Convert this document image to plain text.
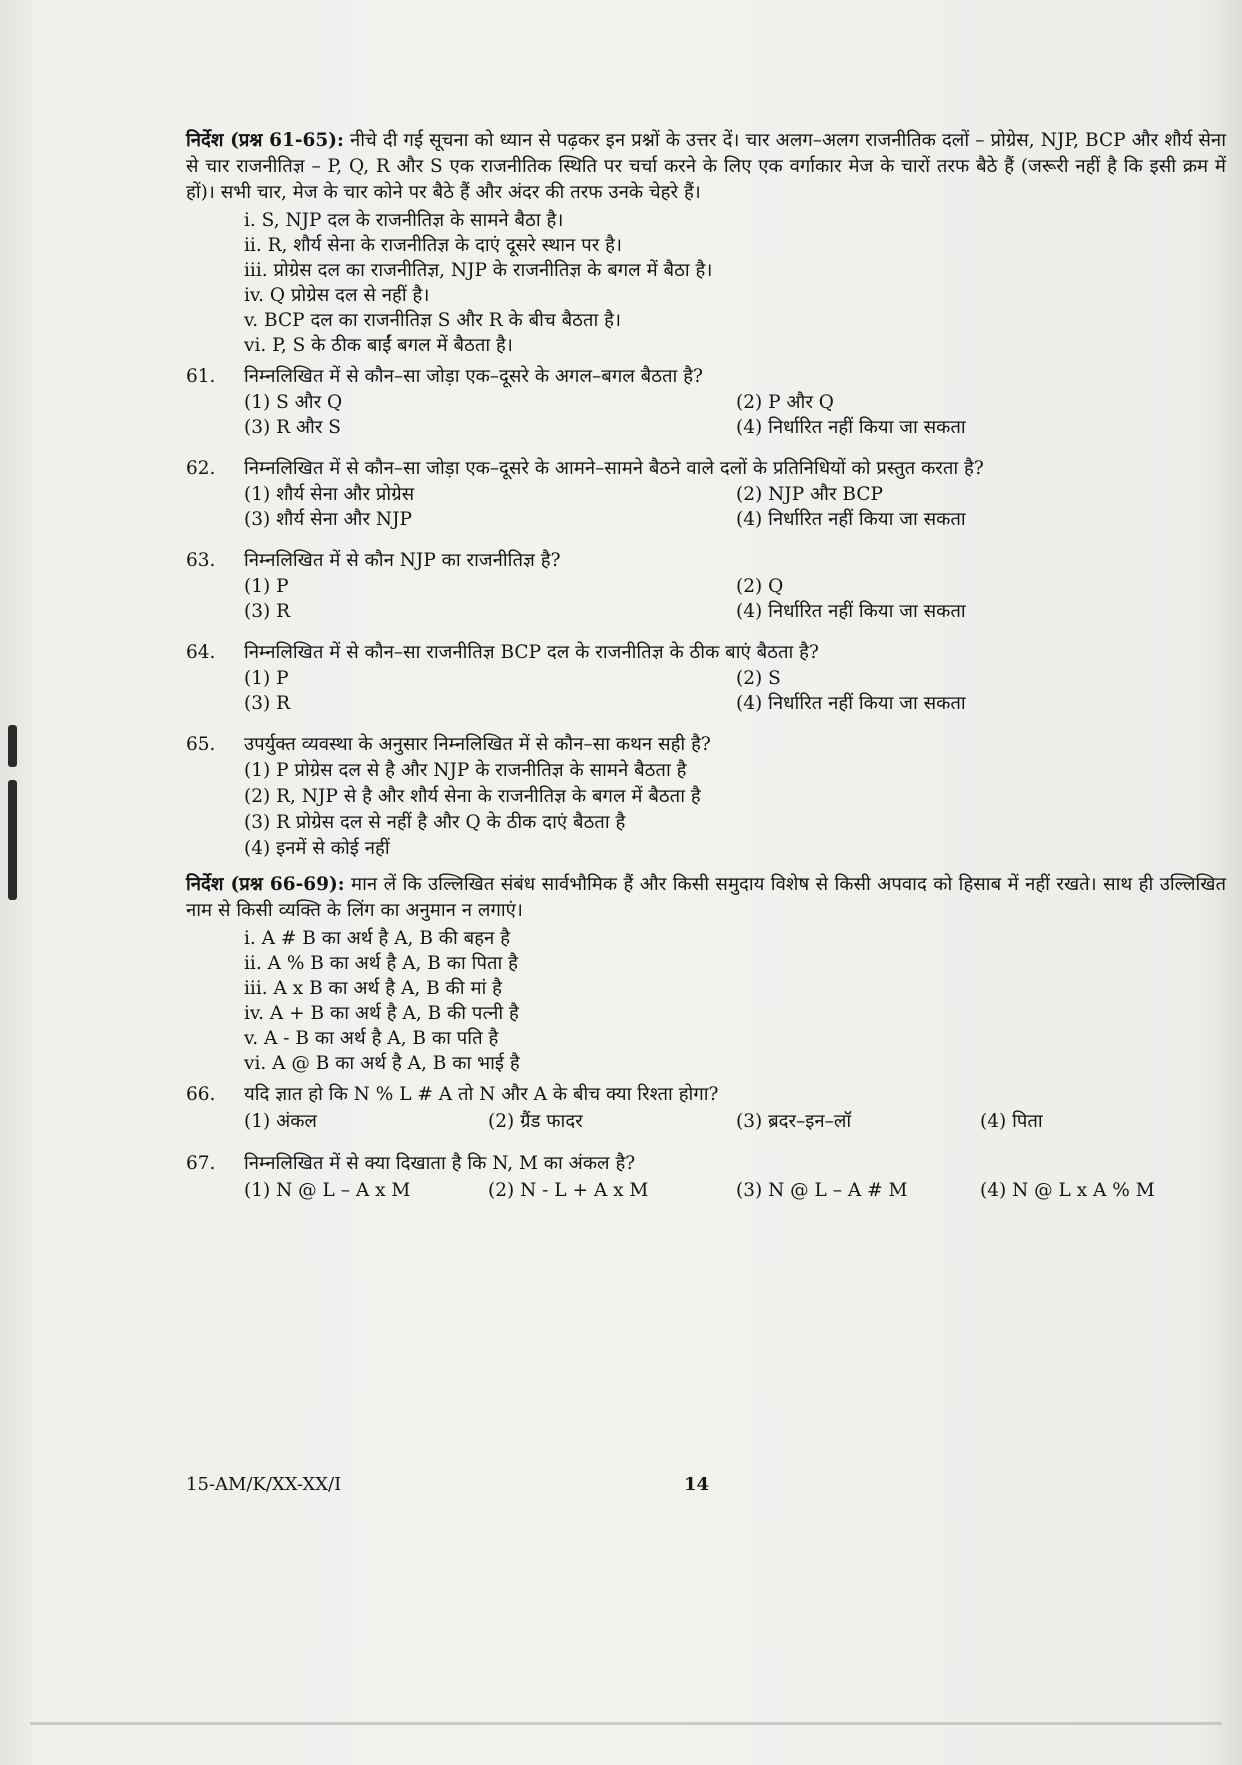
निर्देश (प्रश्न 61-65): नीचे दी गई सूचना को ध्यान से पढ़कर इन प्रश्नों के उत्तर दें। चार अलग–अलग राजनीतिक दलों – प्रोग्रेस, NJP, BCP और शौर्य सेना से चार राजनीतिज्ञ – P, Q, R और S एक राजनीतिक स्थिति पर चर्चा करने के लिए एक वर्गाकार मेज के चारों तरफ बैठे हैं (जरूरी नहीं है कि इसी क्रम में हों)। सभी चार, मेज के चार कोने पर बैठे हैं और अंदर की तरफ उनके चेहरे हैं।

i. S, NJP दल के राजनीतिज्ञ के सामने बैठा है।
ii. R, शौर्य सेना के राजनीतिज्ञ के दाएं दूसरे स्थान पर है।
iii. प्रोग्रेस दल का राजनीतिज्ञ, NJP के राजनीतिज्ञ के बगल में बैठा है।
iv. Q प्रोग्रेस दल से नहीं है।
v. BCP दल का राजनीतिज्ञ S और R के बीच बैठता है।
vi. P, S के ठीक बाईं बगल में बैठता है।
61.	निम्नलिखित में से कौन–सा जोड़ा एक–दूसरे के अगल–बगल बैठता है?
(1) S और Q	(2) P और Q
(3) R और S	(4) निर्धारित नहीं किया जा सकता
62.	निम्नलिखित में से कौन–सा जोड़ा एक–दूसरे के आमने–सामने बैठने वाले दलों के प्रतिनिधियों को प्रस्तुत करता है?
(1) शौर्य सेना और प्रोग्रेस	(2) NJP और BCP
(3) शौर्य सेना और NJP	(4) निर्धारित नहीं किया जा सकता
63.	निम्नलिखित में से कौन NJP का राजनीतिज्ञ है?
(1) P	(2) Q
(3) R	(4) निर्धारित नहीं किया जा सकता
64.	निम्नलिखित में से कौन–सा राजनीतिज्ञ BCP दल के राजनीतिज्ञ के ठीक बाएं बैठता है?
(1) P	(2) S
(3) R	(4) निर्धारित नहीं किया जा सकता
65.	उपर्युक्त व्यवस्था के अनुसार निम्नलिखित में से कौन–सा कथन सही है?
(1) P प्रोग्रेस दल से है और NJP के राजनीतिज्ञ के सामने बैठता है
(2) R, NJP से है और शौर्य सेना के राजनीतिज्ञ के बगल में बैठता है
(3) R प्रोग्रेस दल से नहीं है और Q के ठीक दाएं बैठता है
(4) इनमें से कोई नहीं

निर्देश (प्रश्न 66-69): मान लें कि उल्लिखित संबंध सार्वभौमिक हैं और किसी समुदाय विशेष से किसी अपवाद को हिसाब में नहीं रखते। साथ ही उल्लिखित नाम से किसी व्यक्ति के लिंग का अनुमान न लगाएं।

i. A # B का अर्थ है A, B की बहन है
ii. A % B का अर्थ है A, B का पिता है
iii. A x B का अर्थ है A, B की मां है
iv. A + B का अर्थ है A, B की पत्नी है
v. A - B का अर्थ है A, B का पति है
vi. A @ B का अर्थ है A, B का भाई है
66.	यदि ज्ञात हो कि N % L # A तो N और A के बीच क्या रिश्ता होगा?
(1) अंकल	(2) ग्रैंड फादर	(3) ब्रदर–इन–लॉ	(4) पिता
67.	निम्नलिखित में से क्या दिखाता है कि N, M का अंकल है?
(1) N @ L – A x M	(2) N - L + A x M	(3) N @ L – A # M	(4) N @ L x A % M
15-AM/K/XX-XX/I	14
